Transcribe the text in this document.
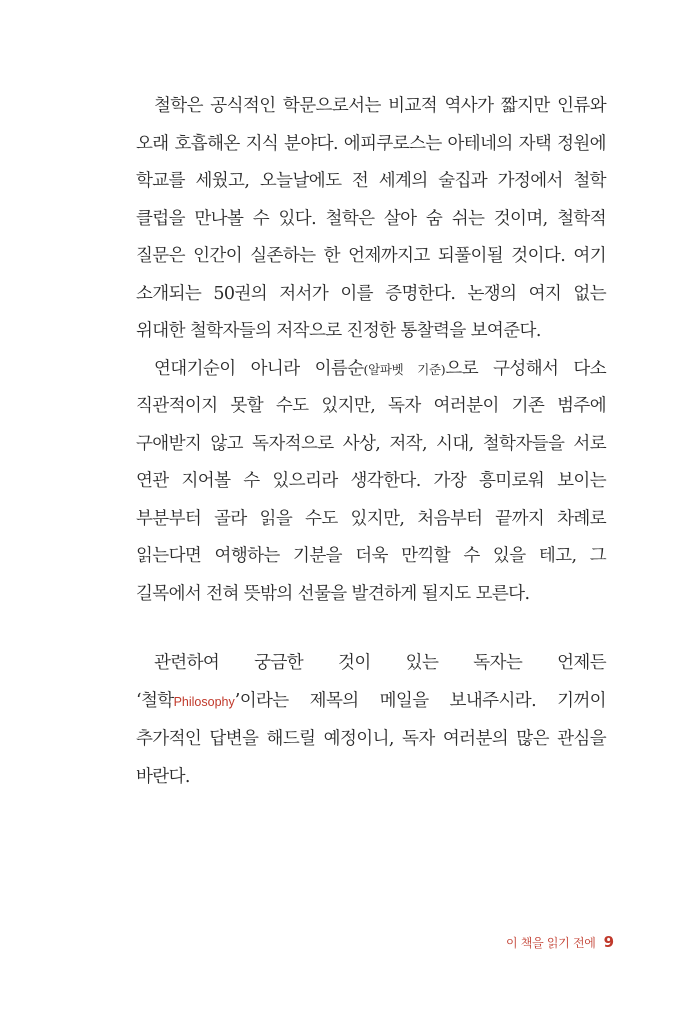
철학은 공식적인 학문으로서는 비교적 역사가 짧지만 인류와 오래 호흡해온 지식 분야다. 에피쿠로스는 아테네의 자택 정원에 학교를 세웠고, 오늘날에도 전 세계의 술집과 가정에서 철학 클럽을 만나볼 수 있다. 철학은 살아 숨 쉬는 것이며, 철학적 질문은 인간이 실존하는 한 언제까지고 되풀이될 것이다. 여기 소개되는 50권의 저서가 이를 증명한다. 논쟁의 여지 없는 위대한 철학자들의 저작으로 진정한 통찰력을 보여준다.

연대기순이 아니라 이름순(알파벳 기준)으로 구성해서 다소 직관적이지 못할 수도 있지만, 독자 여러분이 기존 범주에 구애받지 않고 독자적으로 사상, 저작, 시대, 철학자들을 서로 연관 지어볼 수 있으리라 생각한다. 가장 흥미로워 보이는 부분부터 골라 읽을 수도 있지만, 처음부터 끝까지 차례로 읽는다면 여행하는 기분을 더욱 만끽할 수 있을 테고, 그 길목에서 전혀 뜻밖의 선물을 발견하게 될지도 모른다.

관련하여 궁금한 것이 있는 독자는 언제든 ‘철학Philosophy’이라는 제목의 메일을 보내주시라. 기꺼이 추가적인 답변을 해드릴 예정이니, 독자 여러분의 많은 관심을 바란다.

이 책을 읽기 전에 9
